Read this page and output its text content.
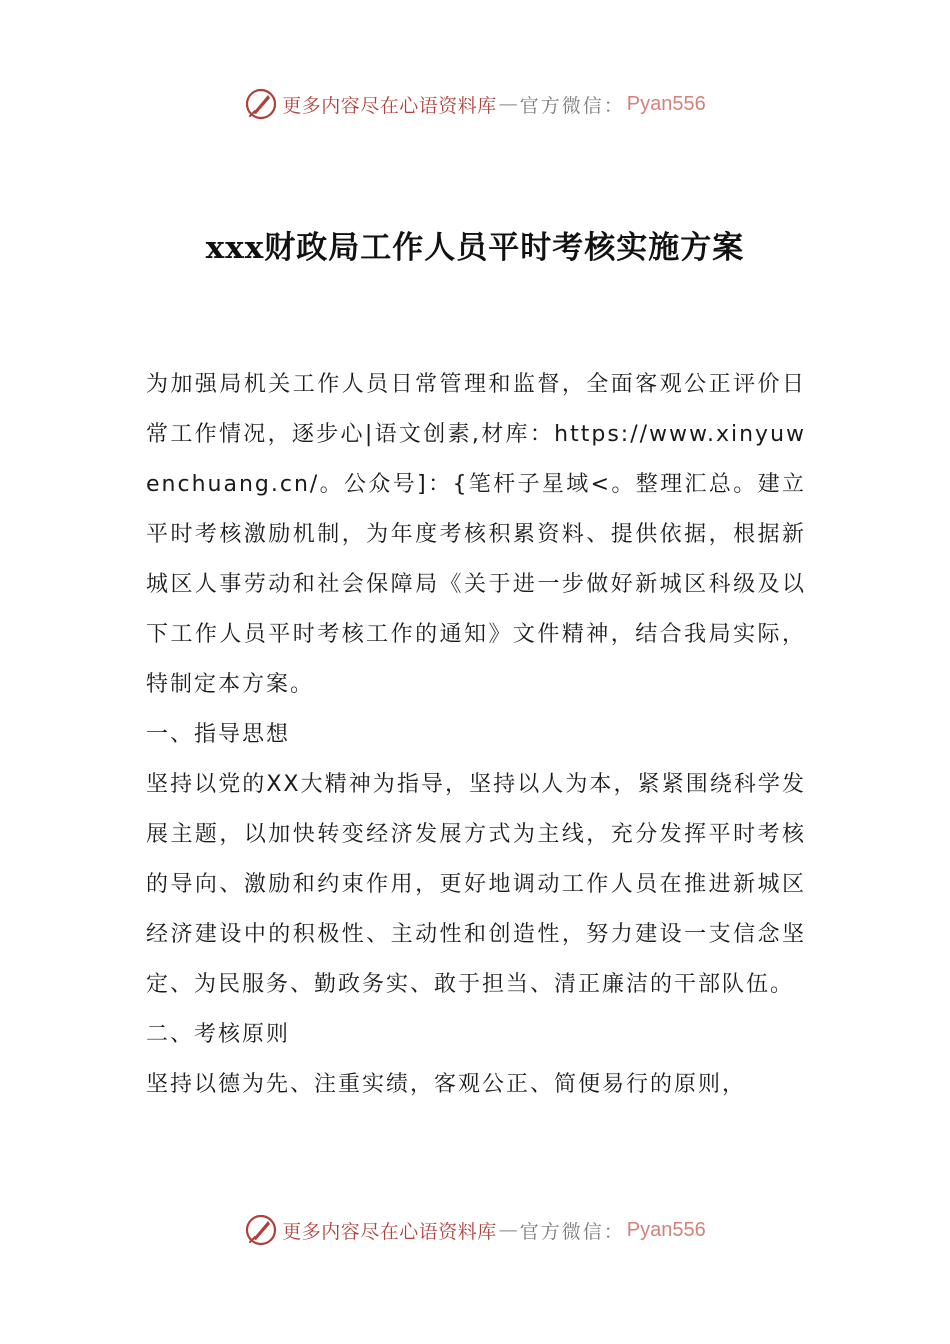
更多内容尽在心语资料库 — 官方微信： Pyan556
xxx财政局工作人员平时考核实施方案

为加强局机关工作人员日常管理和监督，全面客观公正评价日常工作情况，逐步心|语文创素,材库：https://www.xinyuwenchuang.cn/。公众号]：{笔杆子星域<。整理汇总。建立平时考核激励机制，为年度考核积累资料、提供依据，根据新城区人事劳动和社会保障局《关于进一步做好新城区科级及以下工作人员平时考核工作的通知》文件精神，结合我局实际，特制定本方案。

一、指导思想

坚持以党的XX大精神为指导，坚持以人为本，紧紧围绕科学发展主题，以加快转变经济发展方式为主线，充分发挥平时考核的导向、激励和约束作用，更好地调动工作人员在推进新城区经济建设中的积极性、主动性和创造性，努力建设一支信念坚定、为民服务、勤政务实、敢于担当、清正廉洁的干部队伍。

二、考核原则

坚持以德为先、注重实绩，客观公正、简便易行的原则，

更多内容尽在心语资料库 — 官方微信： Pyan556
